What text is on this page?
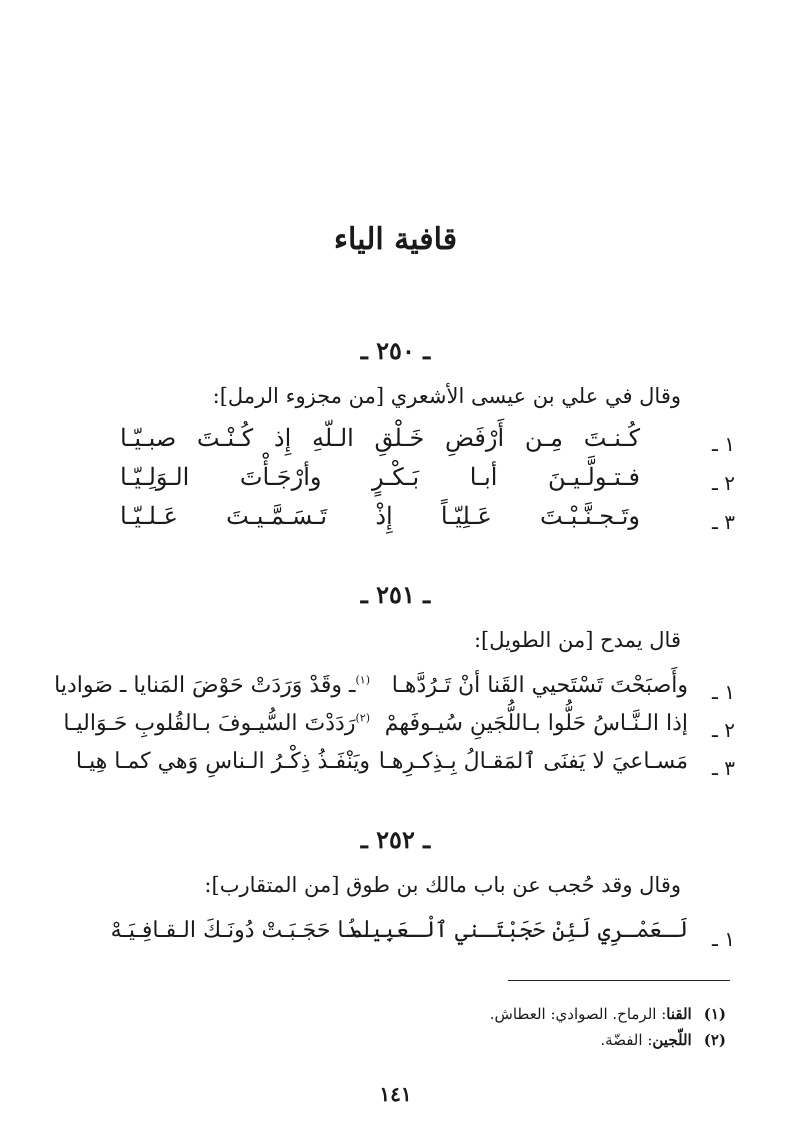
قافية الياء
ـ ٢٥٠ ـ
وقال في علي بن عيسى الأشعري [من مجزوء الرمل]:
١ ـ
كُـنـتَ مِـن أَرْفَضِ خَـلْقِ الـلّهِ إِذ كُـنْـتَ صبـيّـا
٢ ـ
فـتـولَّـيـنَ أبـا بَـكْـرٍ وأرْجَـأْتَ الـوَلِـيّـا
٣ ـ
وتَـجـنَّـبْـتَ عَـلِيّـاً إِذْ تَـسَـمَّـيـتَ عَـلـيّـا
ـ ٢٥١ ـ
قال يمدح [من الطويل]:
١ ـ
وأَصبَحْتَ تَسْتَحيي القَنا أنْ تَـرُدَّهـا
$^{(١)}$ـ وقَدْ وَرَدَتْ حَوْضَ المَنايا ـ صَواديا
٢ ـ
إذا الـنَّـاسُ حَلُّوا بـاللُّجَينِ سُيـوفَهمْ
$^{(٢)}$رَدَدْتَ السُّيـوفَ بـالقُلوبِ حَـوَاليـا
٣ ـ
مَسـاعيَ لا يَفنَى ٱلمَقـالُ بِـذِكـرِهـا
ويَنْفَـذُ ذِكْـرُ الـناسِ وَهي كمـا هِيـا
ـ ٢٥٢ ـ
وقال وقد حُجب عن باب مالك بن طوق [من المتقارب]:
١ ـ
لَـعَمْـرِي لَئِنْ حَجَبْتَـني ٱلْـعَبِيـدُ
لمـا حَجَـبَـتْ دُونَـكَ الـقـافِـيَـهْ
(١)القنا: الرماح. الصوادي: العطاش.
(٢)اللّجين: الفضّة.
١٤١
